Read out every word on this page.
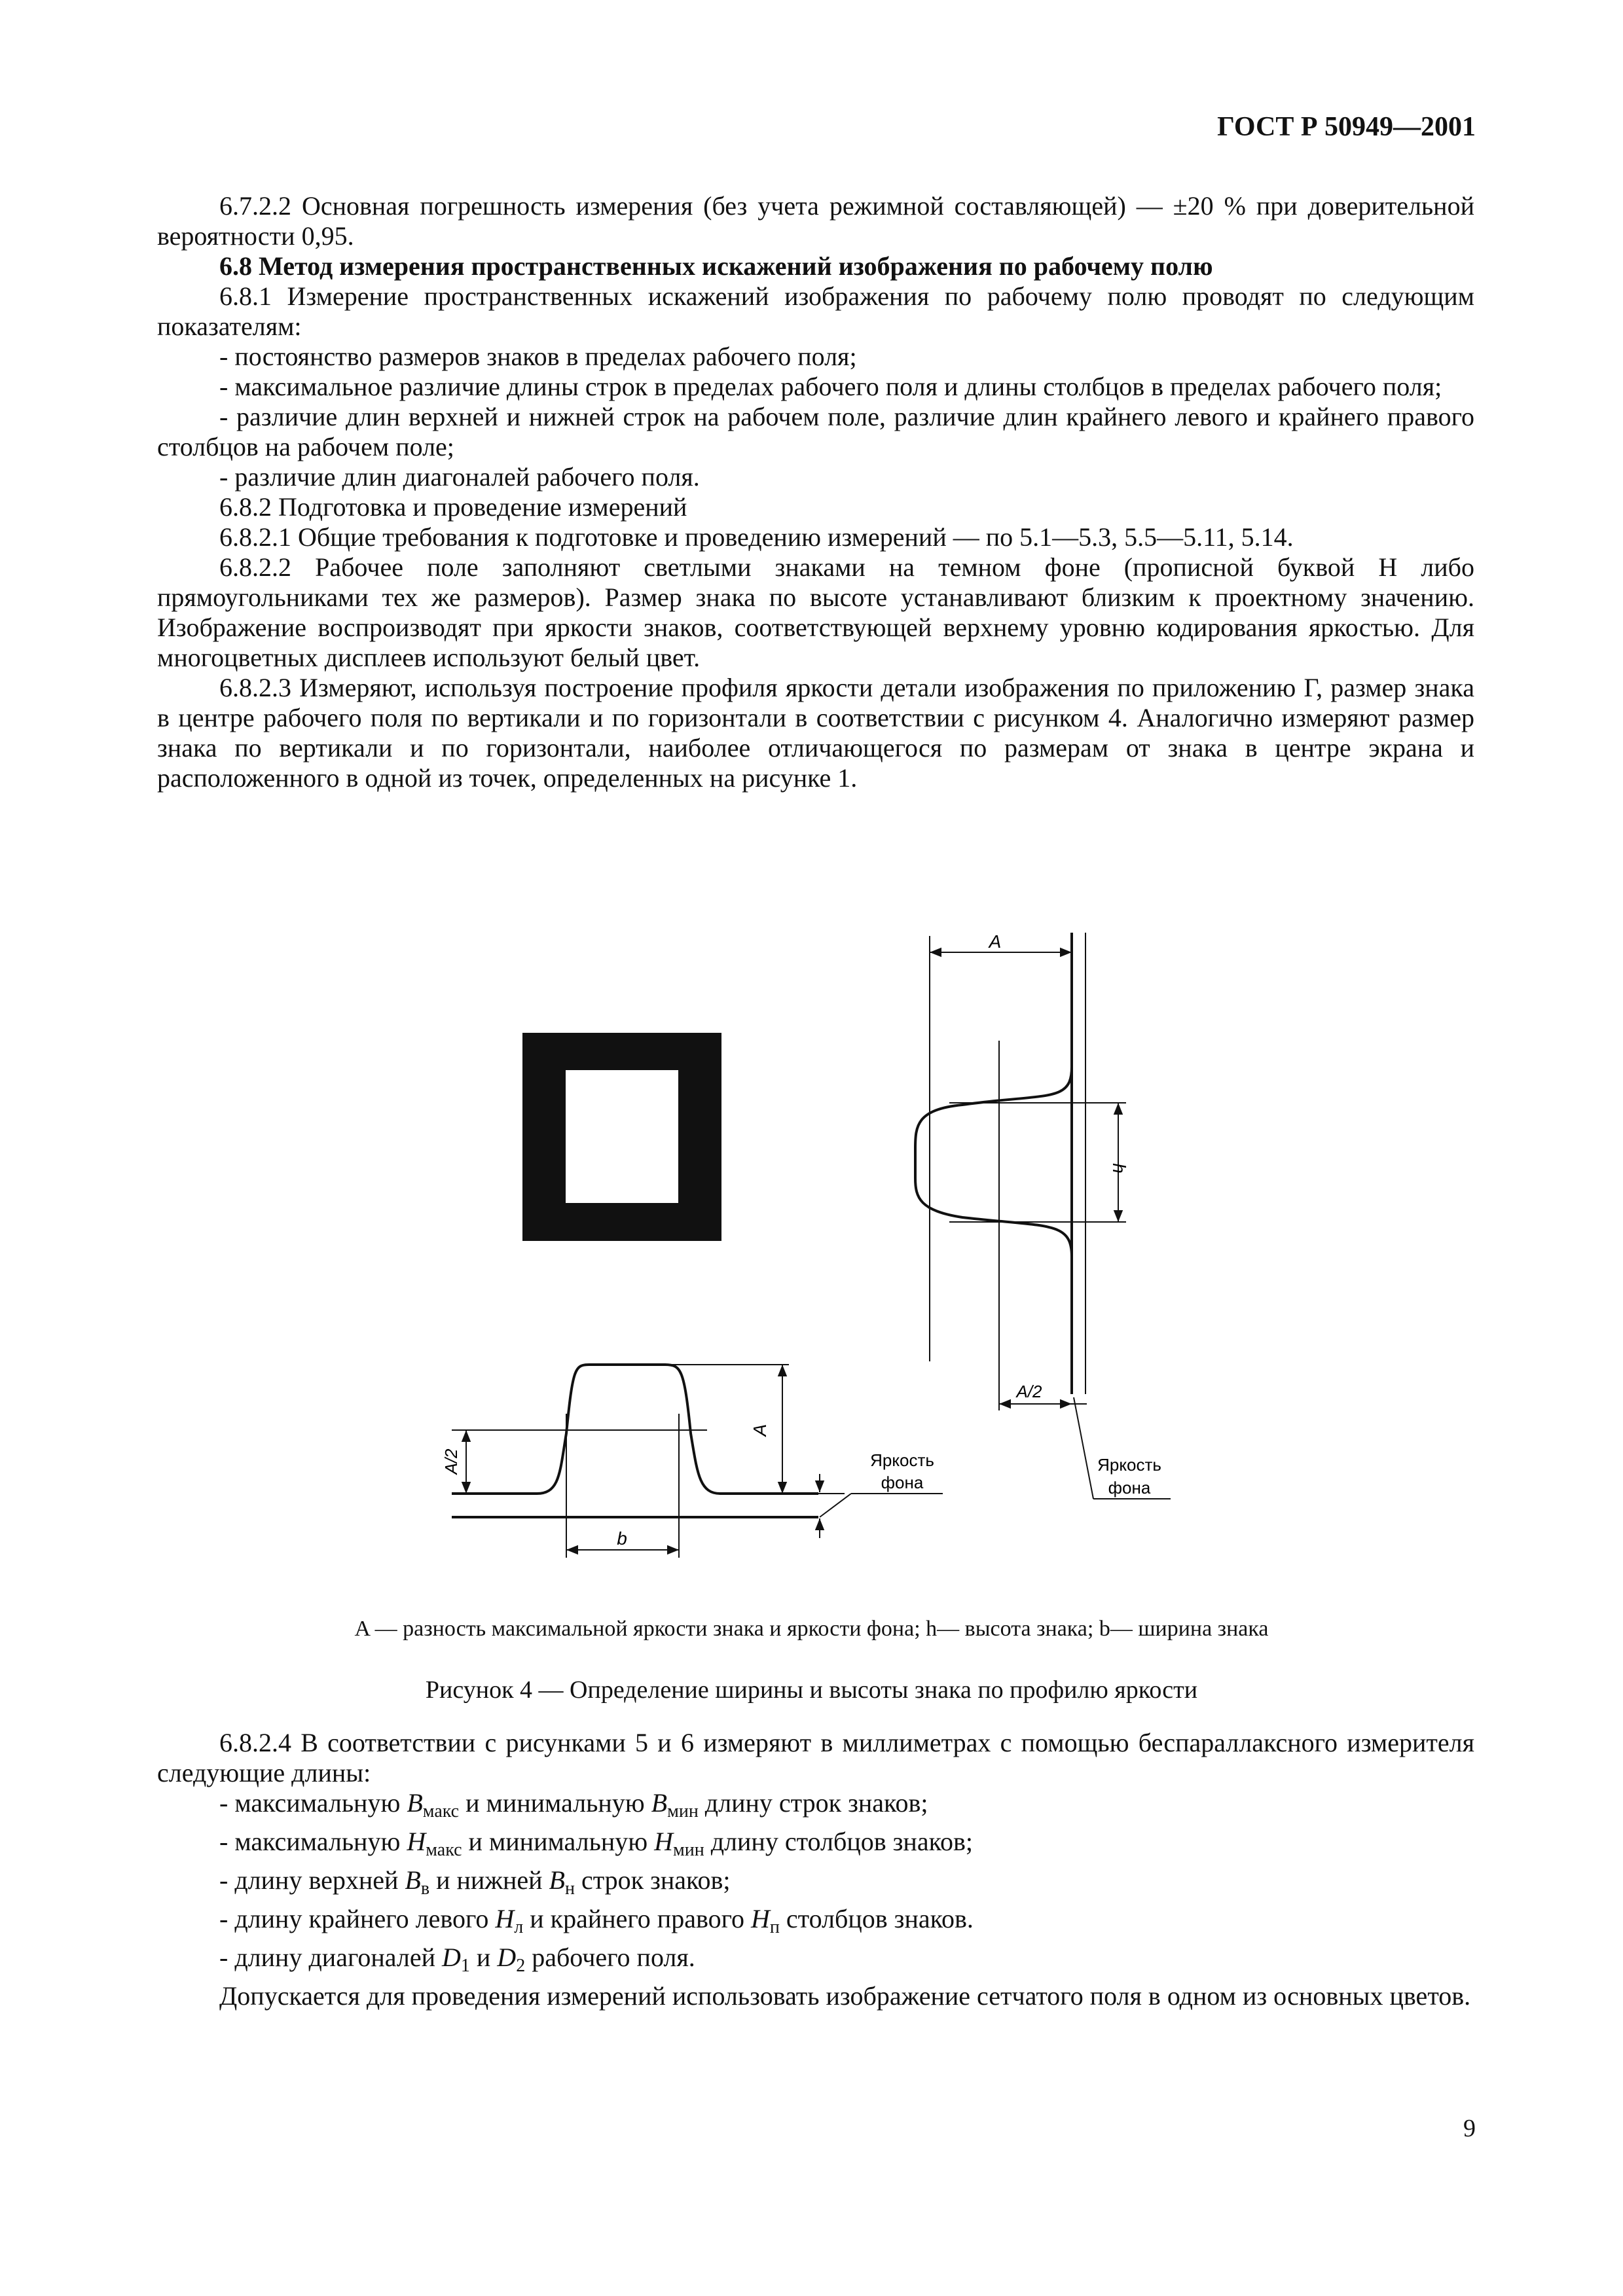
ГОСТ Р 50949—2001

6.7.2.2 Основная погрешность измерения (без учета режимной составляющей) — ±20 % при доверительной вероятности 0,95.

6.8 Метод измерения пространственных искажений изображения по рабочему полю

6.8.1 Измерение пространственных искажений изображения по рабочему полю проводят по следующим показателям:

- постоянство размеров знаков в пределах рабочего поля;

- максимальное различие длины строк в пределах рабочего поля и длины столбцов в пределах рабочего поля;

- различие длин верхней и нижней строк на рабочем поле, различие длин крайнего левого и крайнего правого столбцов на рабочем поле;

- различие длин диагоналей рабочего поля.

6.8.2 Подготовка и проведение измерений

6.8.2.1 Общие требования к подготовке и проведению измерений — по 5.1—5.3, 5.5—5.11, 5.14.

6.8.2.2 Рабочее поле заполняют светлыми знаками на темном фоне (прописной буквой Н либо прямоугольниками тех же размеров). Размер знака по высоте устанавливают близким к проектному значению. Изображение воспроизводят при яркости знаков, соответствующей верхнему уровню кодирования яркостью. Для многоцветных дисплеев используют белый цвет.

6.8.2.3 Измеряют, используя построение профиля яркости детали изображения по приложению Г, размер знака в центре рабочего поля по вертикали и по горизонтали в соответствии с рисунком 4. Аналогично измеряют размер знака по вертикали и по горизонтали, наиболее отличающегося по размерам от знака в центре экрана и расположенного в одной из точек, определенных на рисунке 1.

A
h
A/2
Яркость
фона
A
A/2
b
Яркость
фона
A — разность максимальной яркости знака и яркости фона; h— высота знака; b— ширина знака
Рисунок 4 — Определение ширины и высоты знака по профилю яркости

6.8.2.4 В соответствии с рисунками 5 и 6 измеряют в миллиметрах с помощью беспараллаксного измерителя следующие длины:

- максимальную $B_{макс}$ и минимальную $B_{мин}$ длину строк знаков;

- максимальную $H_{макс}$ и минимальную $H_{мин}$ длину столбцов знаков;

- длину верхней $B_в$ и нижней $B_н$ строк знаков;

- длину крайнего левого $H_л$ и крайнего правого $H_п$ столбцов знаков.

- длину диагоналей $D_1$ и $D_2$ рабочего поля.

Допускается для проведения измерений использовать изображение сетчатого поля в одном из основных цветов.

9
